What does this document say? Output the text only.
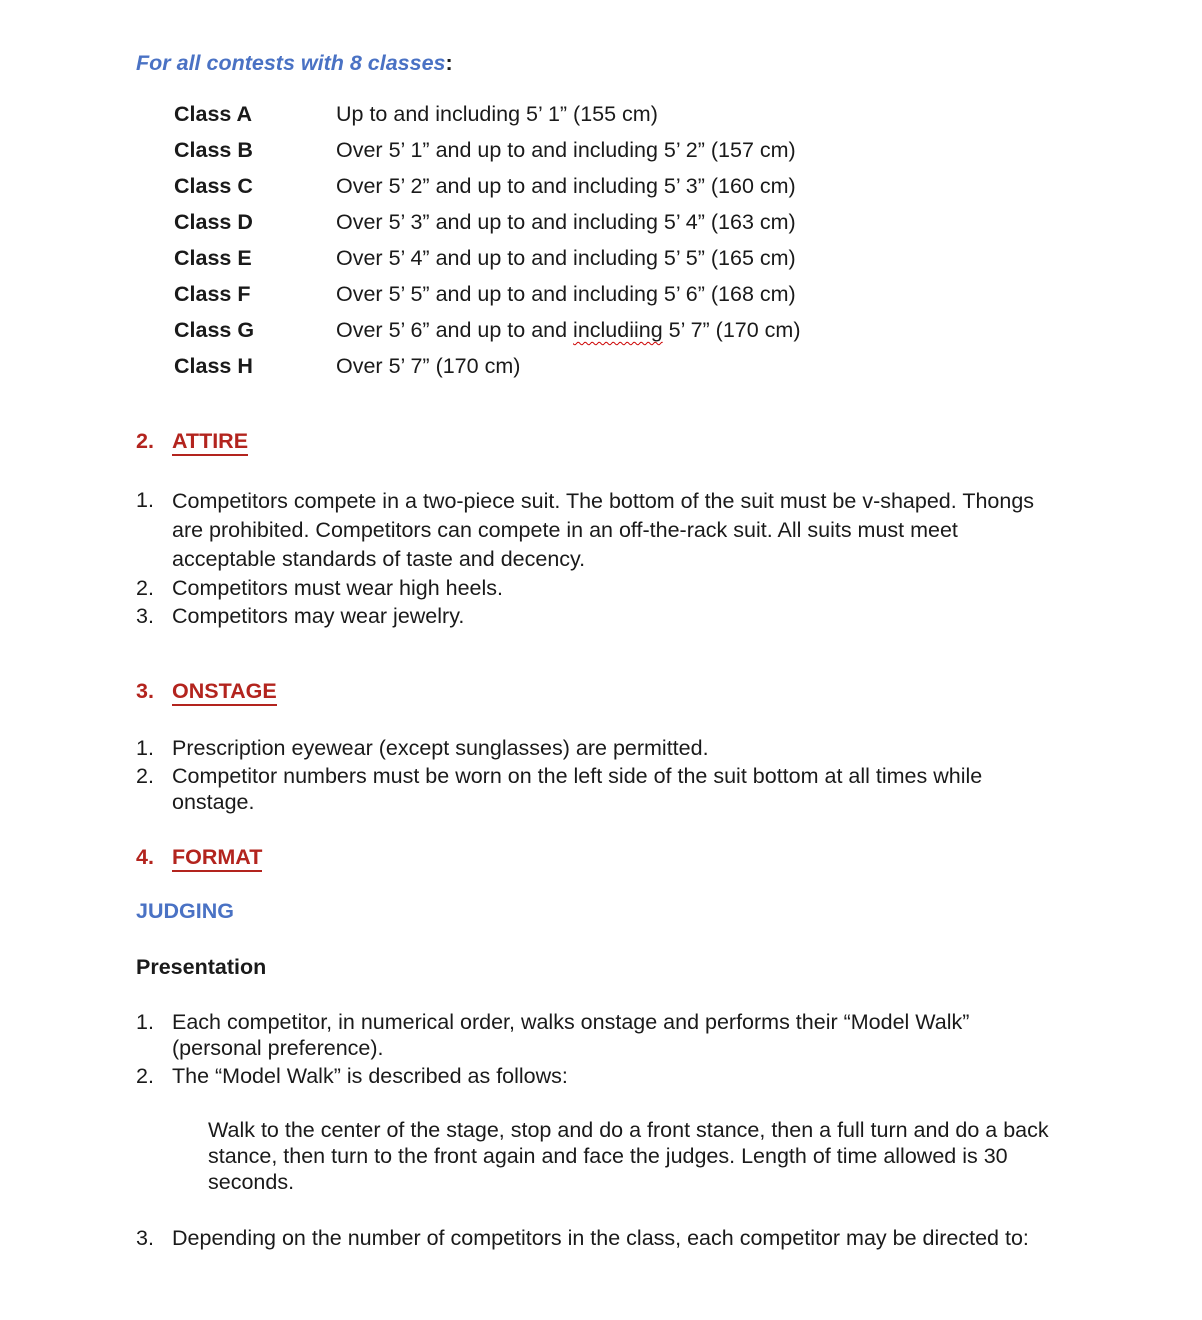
For all contests with 8 classes:
Class A	Up to and including 5’ 1” (155 cm)
Class B	Over 5’ 1” and up to and including 5’ 2” (157 cm)
Class C	Over 5’ 2” and up to and including 5’ 3” (160 cm)
Class D	Over 5’ 3” and up to and including 5’ 4” (163 cm)
Class E	Over 5’ 4” and up to and including 5’ 5” (165 cm)
Class F	Over 5’ 5” and up to and including 5’ 6” (168 cm)
Class G	Over 5’ 6” and up to and includiing 5’ 7” (170 cm)
Class H	Over 5’ 7” (170 cm)
2. ATTIRE
1. Competitors compete in a two-piece suit. The bottom of the suit must be v-shaped. Thongs are prohibited. Competitors can compete in an off-the-rack suit. All suits must meet acceptable standards of taste and decency.
2. Competitors must wear high heels.
3. Competitors may wear jewelry.
3. ONSTAGE
1. Prescription eyewear (except sunglasses) are permitted.
2. Competitor numbers must be worn on the left side of the suit bottom at all times while onstage.
4. FORMAT
JUDGING
Presentation
1. Each competitor, in numerical order, walks onstage and performs their “Model Walk” (personal preference).
2. The “Model Walk” is described as follows:
Walk to the center of the stage, stop and do a front stance, then a full turn and do a back stance, then turn to the front again and face the judges. Length of time allowed is 30 seconds.
3. Depending on the number of competitors in the class, each competitor may be directed to:
